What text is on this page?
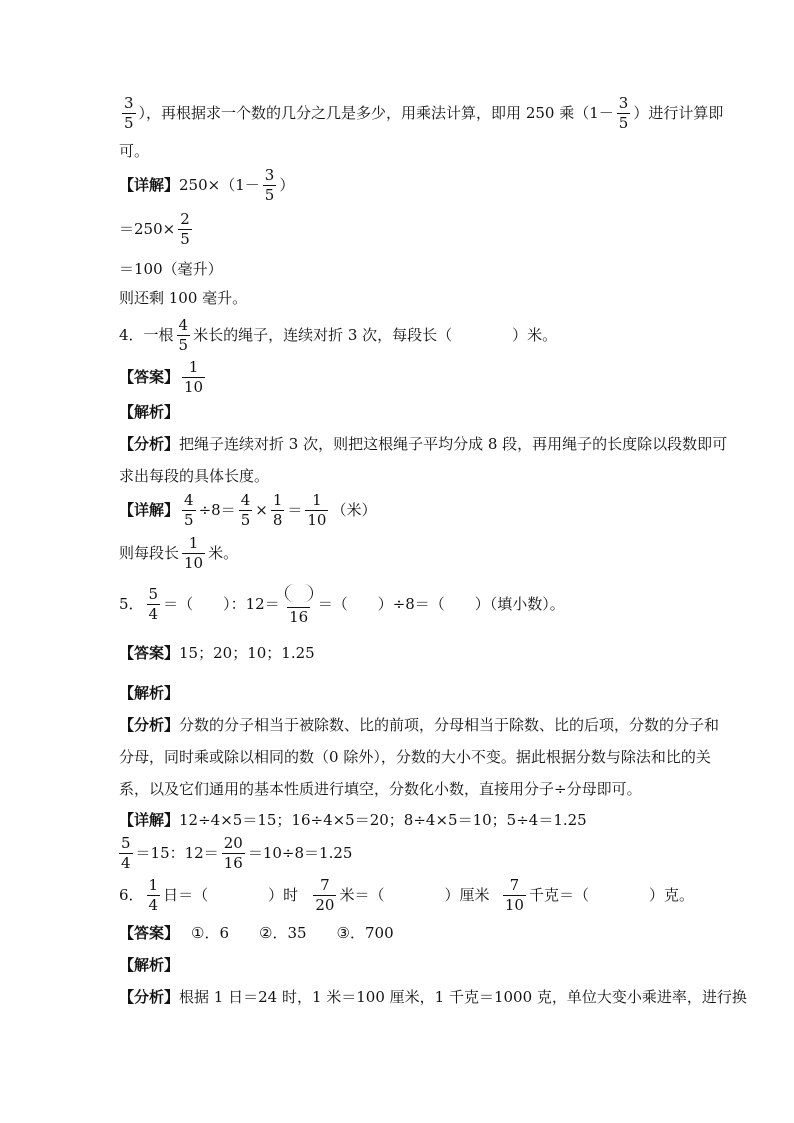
$\frac{3}{5}$ ），再根据求一个数的几分之几是多少，用乘法计算，即用 250 乘（$1- \frac{3}{5}$ ）进行计算即
可。
【详解】 $250\times(1- \frac{3}{5}$ ）
$=250\times \frac{2}{5}$
＝100（毫升）
则还剩 100 毫升。
4．一根 $\frac{4}{5}$ 米长的绳子，连续对折 3 次，每段长（　　　　）米。
【答案】 $\frac{1}{10}$
【解析】
【分析】 把绳子连续对折 3 次，则把这根绳子平均分成 8 段，再用绳子的长度除以段数即可
求出每段的具体长度。
【详解】 $\frac{4}{5} \div 8= \frac{4}{5} \times \frac{1}{8} = \frac{1}{10}$ （米）
则每段长 $\frac{1}{10}$ 米。
5． $\frac{5}{4}$ ＝（　　）：12＝
16
＝（　　）÷8＝（　　）（填小数）。
【答案】 15；20；10；1.25
【解析】
【分析】 分数的分子相当于被除数、比的前项，分母相当于除数、比的后项，分数的分子和
分母，同时乘或除以相同的数（0 除外），分数的大小不变。据此根据分数与除法和比的关
系，以及它们通用的基本性质进行填空，分数化小数，直接用分子÷分母即可。
【详解】 12÷4×5＝15；16÷4×5＝20；8÷4×5＝10；5÷4＝1.25
$\frac{5}{4} =15$：$12= \frac{20}{16} =10\div 8=1.25$
6． $\frac{1}{4}$ 日＝（　　　　）时 $\frac{7}{20}$ 米＝（　　　　）厘米 $\frac{7}{10}$ 千克＝（　　　　）克。
【答案】 ①．6　　②．35　　③．700
【解析】
【分析】 根据 1 日＝24 时，1 米＝100 厘米，1 千克＝1000 克，单位大变小乘进率，进行换
